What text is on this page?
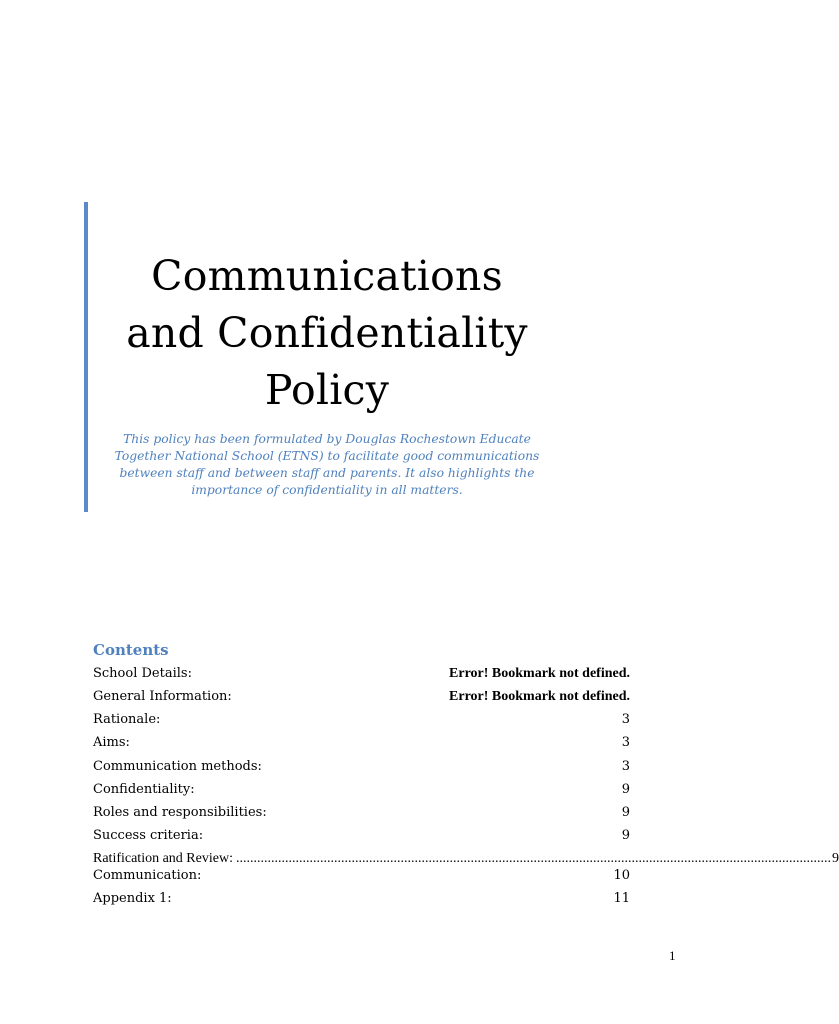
Communications
and Confidentiality
Policy

This policy has been formulated by Douglas Rochestown Educate Together National School (ETNS) to facilitate good communications between staff and between staff and parents. It also highlights the importance of confidentiality in all matters.

Contents
School Details:	Error! Bookmark not defined.
General Information:	Error! Bookmark not defined.
Rationale:	3
Aims:	3
Communication methods:	3
Confidentiality:	9
Roles and responsibilities:	9
Success criteria:	9
Ratification and Review: .......................................................................................................................................................................... 9
Communication:	10
Appendix 1:	11
1
